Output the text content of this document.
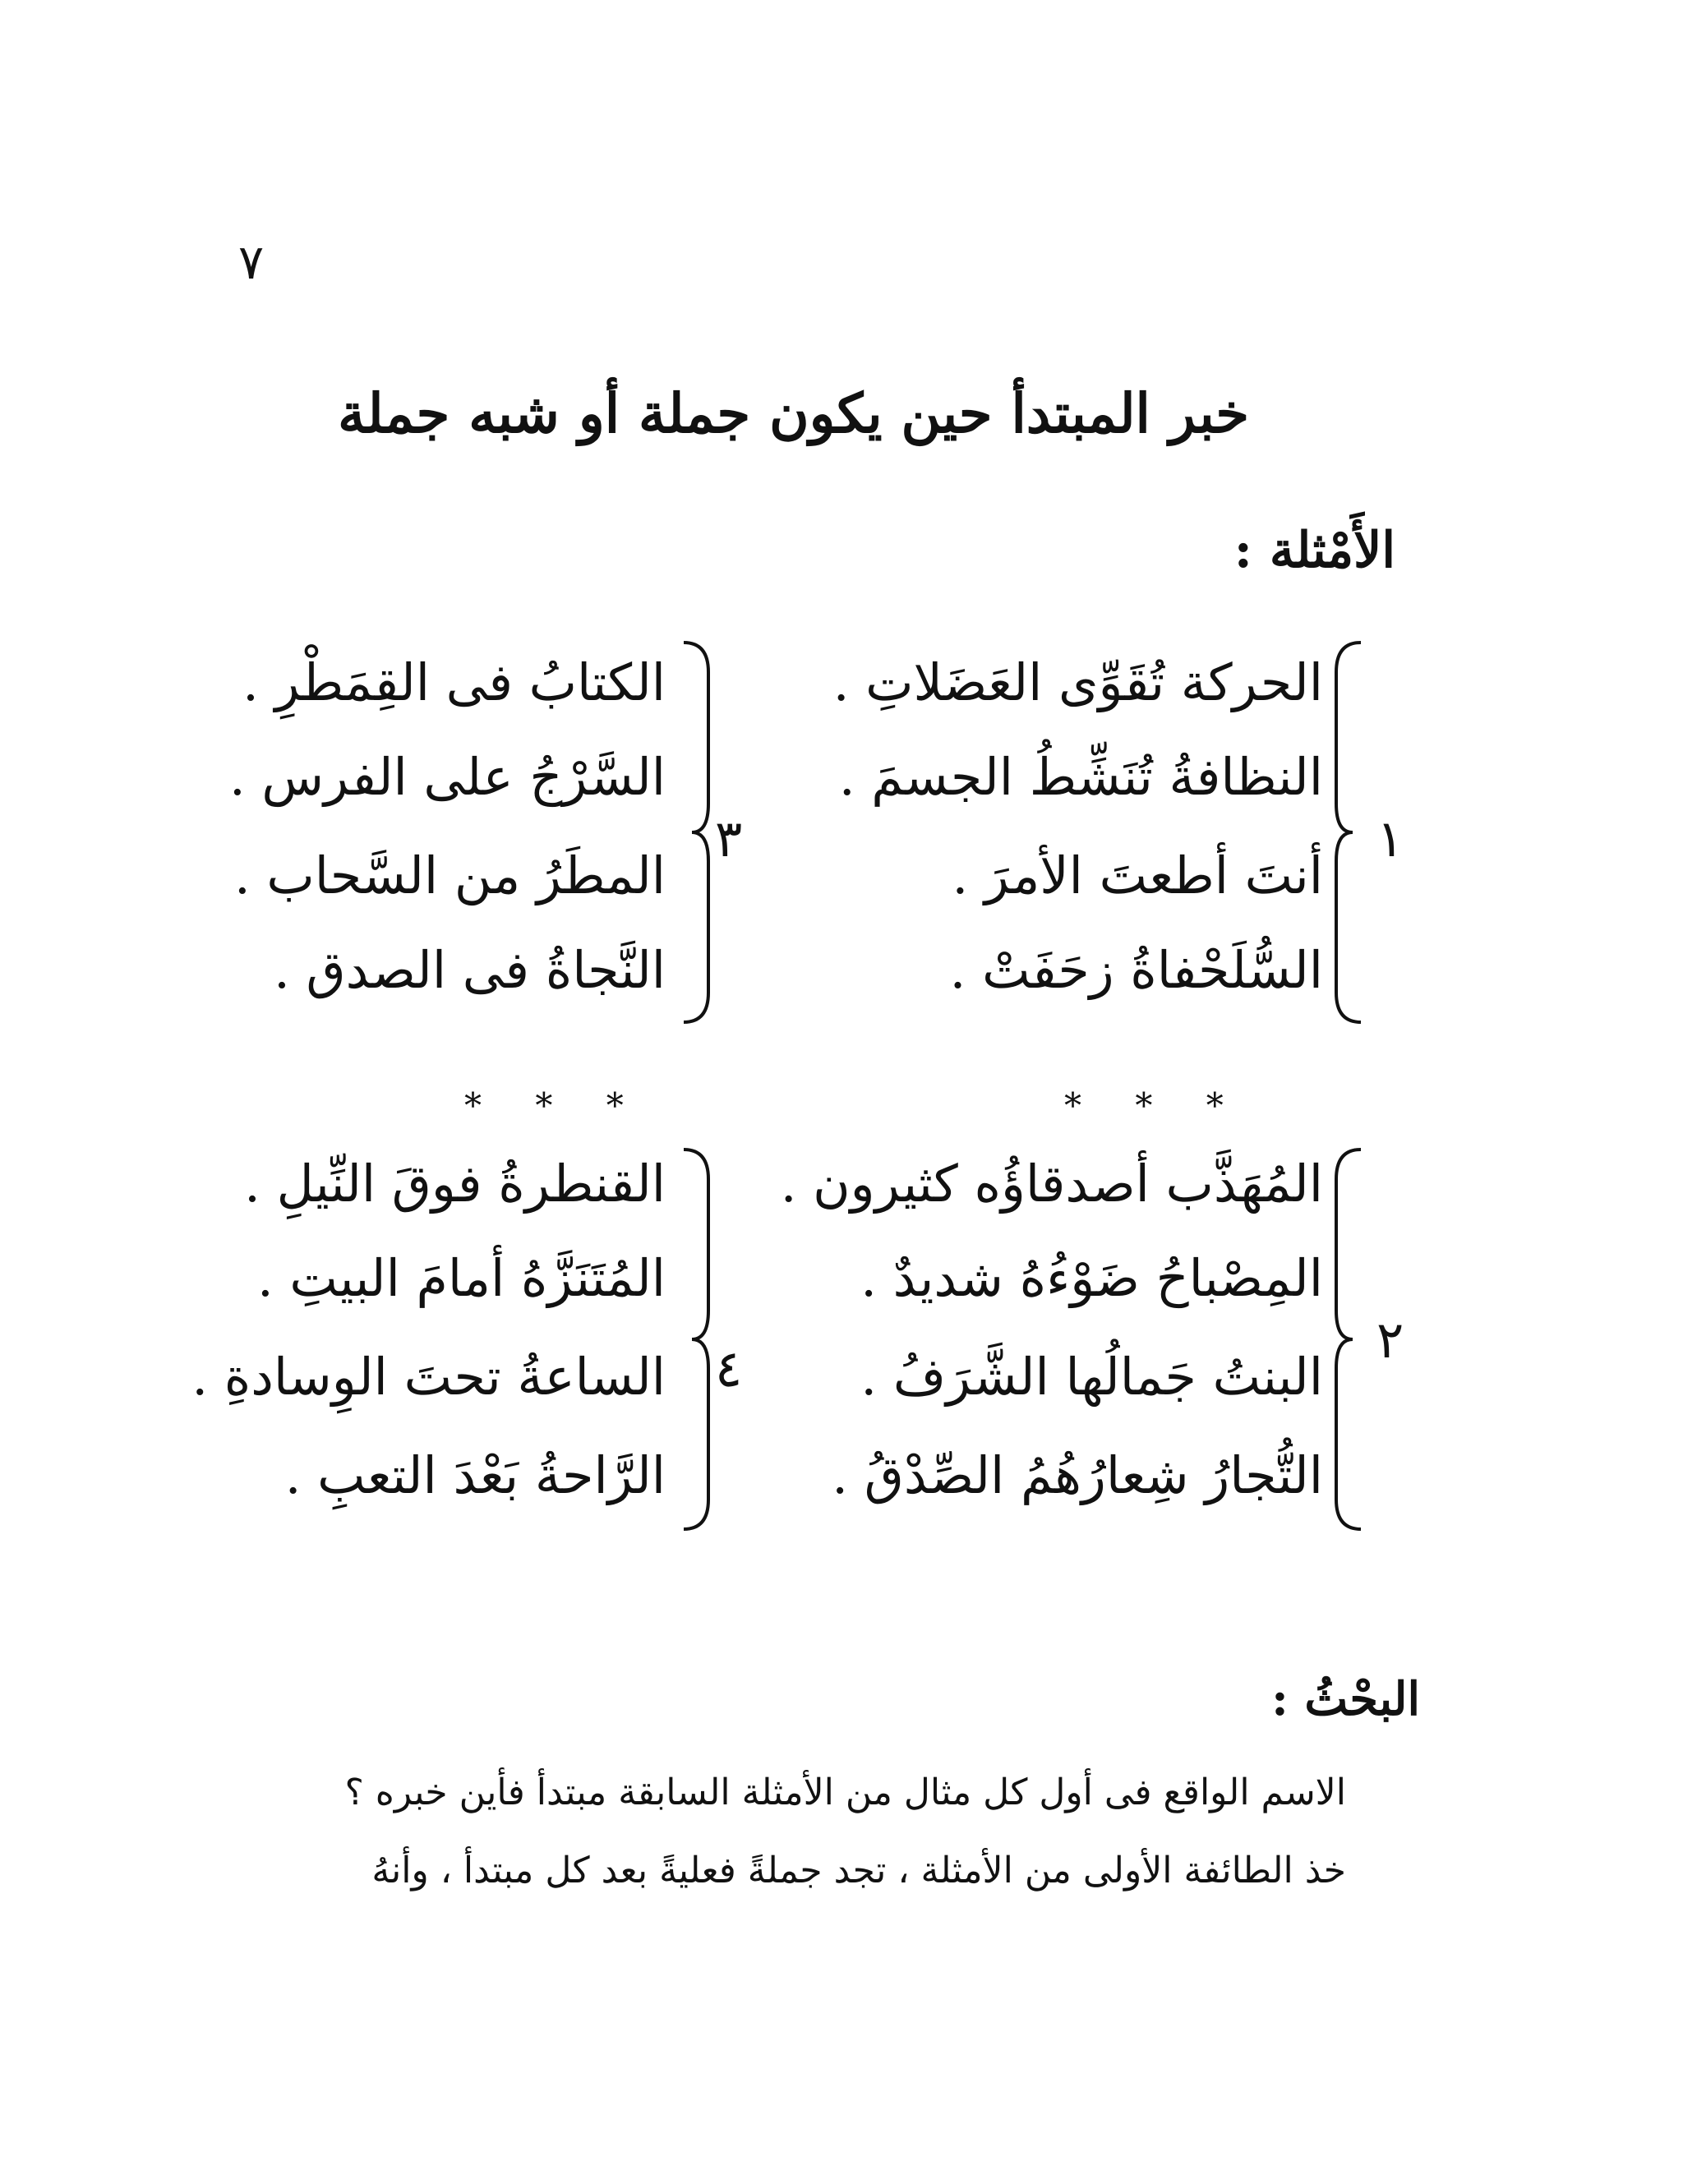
٧
خبر المبتدأ حين يكون جملة أو شبه جملة
الأَمْثلة :
١
الحركة تُقَوِّى العَضَلاتِ .
النظافةُ تُنَشِّطُ الجسمَ .
أنتَ أطعتَ الأمرَ .
السُّلَحْفاةُ زحَفَتْ .
٣
الكتابُ فى القِمَطْرِ .
السَّرْجُ على الفرس .
المطَرُ من السَّحاب .
النَّجاةُ فى الصدق .
* * *
* * *
٢
المُهَذَّب أصدقاؤُه كثيرون .
المِصْباحُ ضَوْءُهُ شديدٌ .
البنتُ جَمالُها الشَّرَفُ .
التُّجارُ شِعارُهُمُ الصِّدْقُ .
٤
القنطرةُ فوقَ النِّيلِ .
المُتَنَزَّهُ أمامَ البيتِ .
الساعةُ تحتَ الوِسادةِ .
الرَّاحةُ بَعْدَ التعبِ .
البحْثُ :
الاسم الواقع فى أول كل مثال من الأمثلة السابقة مبتدأ فأين خبره ؟
خذ الطائفة الأولى من الأمثلة ، تجد جملةً فعليةً بعد كل مبتدأ ، وأنهُ
